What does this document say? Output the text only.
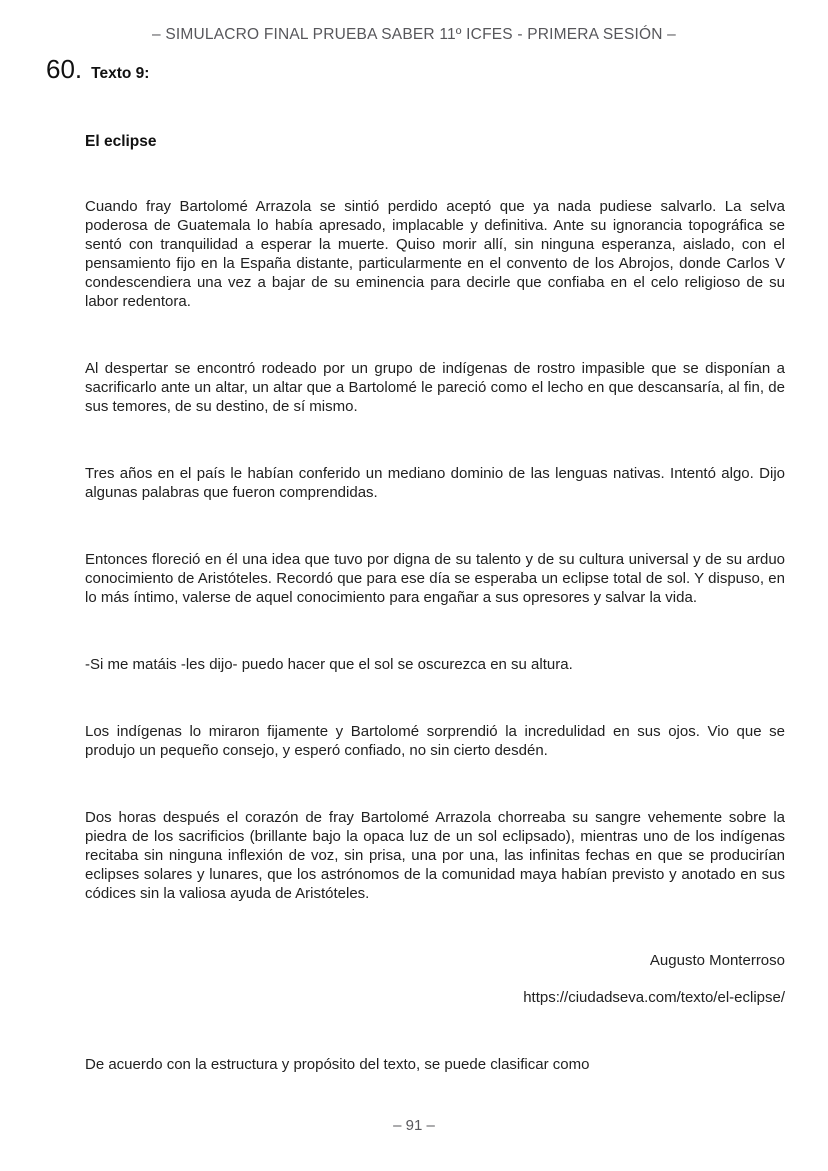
– SIMULACRO FINAL PRUEBA SABER 11º ICFES - PRIMERA SESIÓN –
60. Texto 9:
El eclipse

Cuando fray Bartolomé Arrazola se sintió perdido aceptó que ya nada pudiese salvarlo. La selva poderosa de Guatemala lo había apresado, implacable y definitiva. Ante su ignorancia topográfica se sentó con tranquilidad a esperar la muerte. Quiso morir allí, sin ninguna esperanza, aislado, con el pensamiento fijo en la España distante, particularmente en el convento de los Abrojos, donde Carlos V condescendiera una vez a bajar de su eminencia para decirle que confiaba en el celo religioso de su labor redentora.

Al despertar se encontró rodeado por un grupo de indígenas de rostro impasible que se disponían a sacrificarlo ante un altar, un altar que a Bartolomé le pareció como el lecho en que descansaría, al fin, de sus temores, de su destino, de sí mismo.

Tres años en el país le habían conferido un mediano dominio de las lenguas nativas. Intentó algo. Dijo algunas palabras que fueron comprendidas.

Entonces floreció en él una idea que tuvo por digna de su talento y de su cultura universal y de su arduo conocimiento de Aristóteles. Recordó que para ese día se esperaba un eclipse total de sol. Y dispuso, en lo más íntimo, valerse de aquel conocimiento para engañar a sus opresores y salvar la vida.

-Si me matáis -les dijo- puedo hacer que el sol se oscurezca en su altura.

Los indígenas lo miraron fijamente y Bartolomé sorprendió la incredulidad en sus ojos. Vio que se produjo un pequeño consejo, y esperó confiado, no sin cierto desdén.

Dos horas después el corazón de fray Bartolomé Arrazola chorreaba su sangre vehemente sobre la piedra de los sacrificios (brillante bajo la opaca luz de un sol eclipsado), mientras uno de los indígenas recitaba sin ninguna inflexión de voz, sin prisa, una por una, las infinitas fechas en que se producirían eclipses solares y lunares, que los astrónomos de la comunidad maya habían previsto y anotado en sus códices sin la valiosa ayuda de Aristóteles.

Augusto Monterroso
https://ciudadseva.com/texto/el-eclipse/

De acuerdo con la estructura y propósito del texto, se puede clasificar como

– 91 –
